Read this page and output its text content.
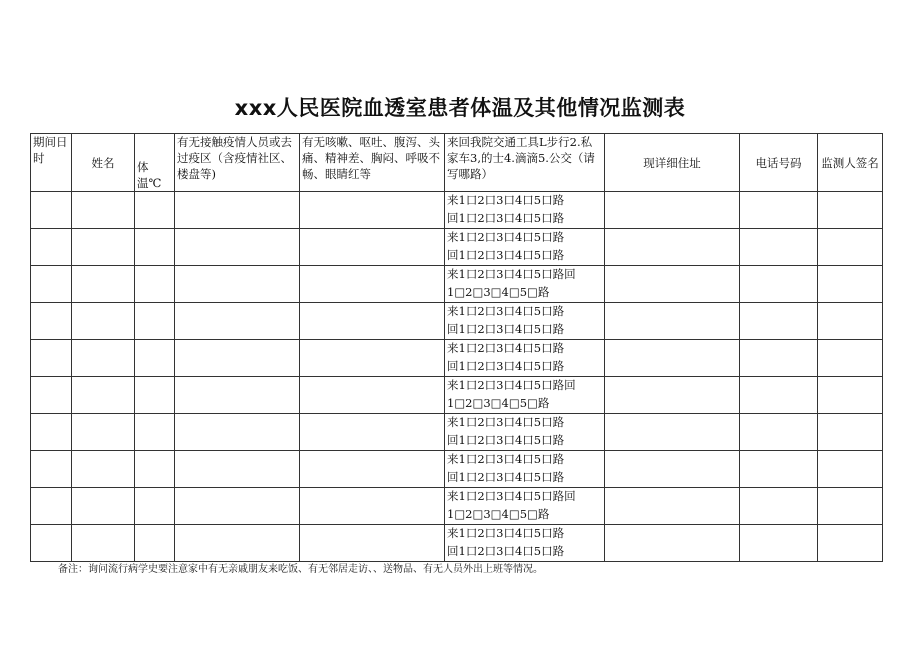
xxx人民医院血透室患者体温及其他情况监测表
期间日时	姓名	体温℃	有无接触疫情人员或去过疫区（含疫情社区、楼盘等)	有无咳嗽、呕吐、腹泻、头痛、精神差、胸闷、呼吸不畅、眼睛红等	来回我院交通工具L步行2.私家车3,的士4.滴滴5.公交（请写哪路）	现详细住址	电话号码	监测人签名

					来1口2口3口4口5口路
回1口2口3口4口5口路			

					来1口2口3口4口5口路
回1口2口3口4口5口路			

					来1口2口3口4口5口路回
1□2□3□4□5□路			

					来1口2口3口4口5口路
回1口2口3口4口5口路			

					来1口2口3口4口5口路
回1口2口3口4口5口路			

					来1口2口3口4口5口路回
1□2□3□4□5□路			

					来1口2口3口4口5口路
回1口2口3口4口5口路			

					来1口2口3口4口5口路
回1口2口3口4口5口路			

					来1口2口3口4口5口路回
1□2□3□4□5□路			

					来1口2口3口4口5口路
回1口2口3口4口5口路			

备注：询问流行病学史要注意家中有无亲戚朋友来吃饭、有无邻居走访、、送物品、有无人员外出上班等情况。
